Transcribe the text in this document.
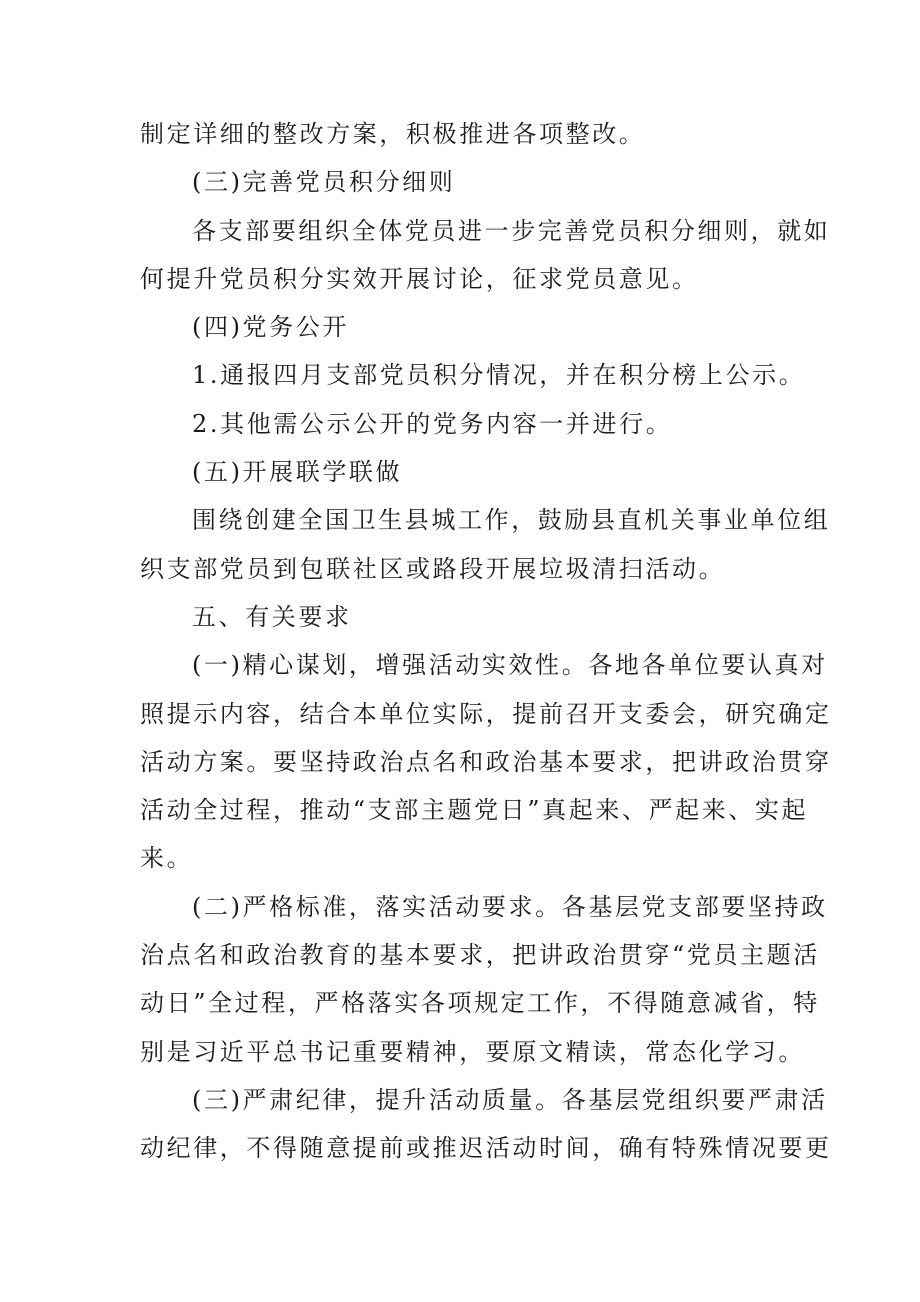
制定详细的整改方案，积极推进各项整改。
(三)完善党员积分细则
各支部要组织全体党员进一步完善党员积分细则，就如
何提升党员积分实效开展讨论，征求党员意见。
(四)党务公开
1.通报四月支部党员积分情况，并在积分榜上公示。
2.其他需公示公开的党务内容一并进行。
(五)开展联学联做
围绕创建全国卫生县城工作，鼓励县直机关事业单位组
织支部党员到包联社区或路段开展垃圾清扫活动。
五、有关要求
(一)精心谋划，增强活动实效性。各地各单位要认真对
照提示内容，结合本单位实际，提前召开支委会，研究确定
活动方案。要坚持政治点名和政治基本要求，把讲政治贯穿
活动全过程，推动“支部主题党日”真起来、严起来、实起
来。
(二)严格标准，落实活动要求。各基层党支部要坚持政
治点名和政治教育的基本要求，把讲政治贯穿“党员主题活
动日”全过程，严格落实各项规定工作，不得随意减省，特
别是习近平总书记重要精神，要原文精读，常态化学习。
(三)严肃纪律，提升活动质量。各基层党组织要严肃活
动纪律，不得随意提前或推迟活动时间，确有特殊情况要更
